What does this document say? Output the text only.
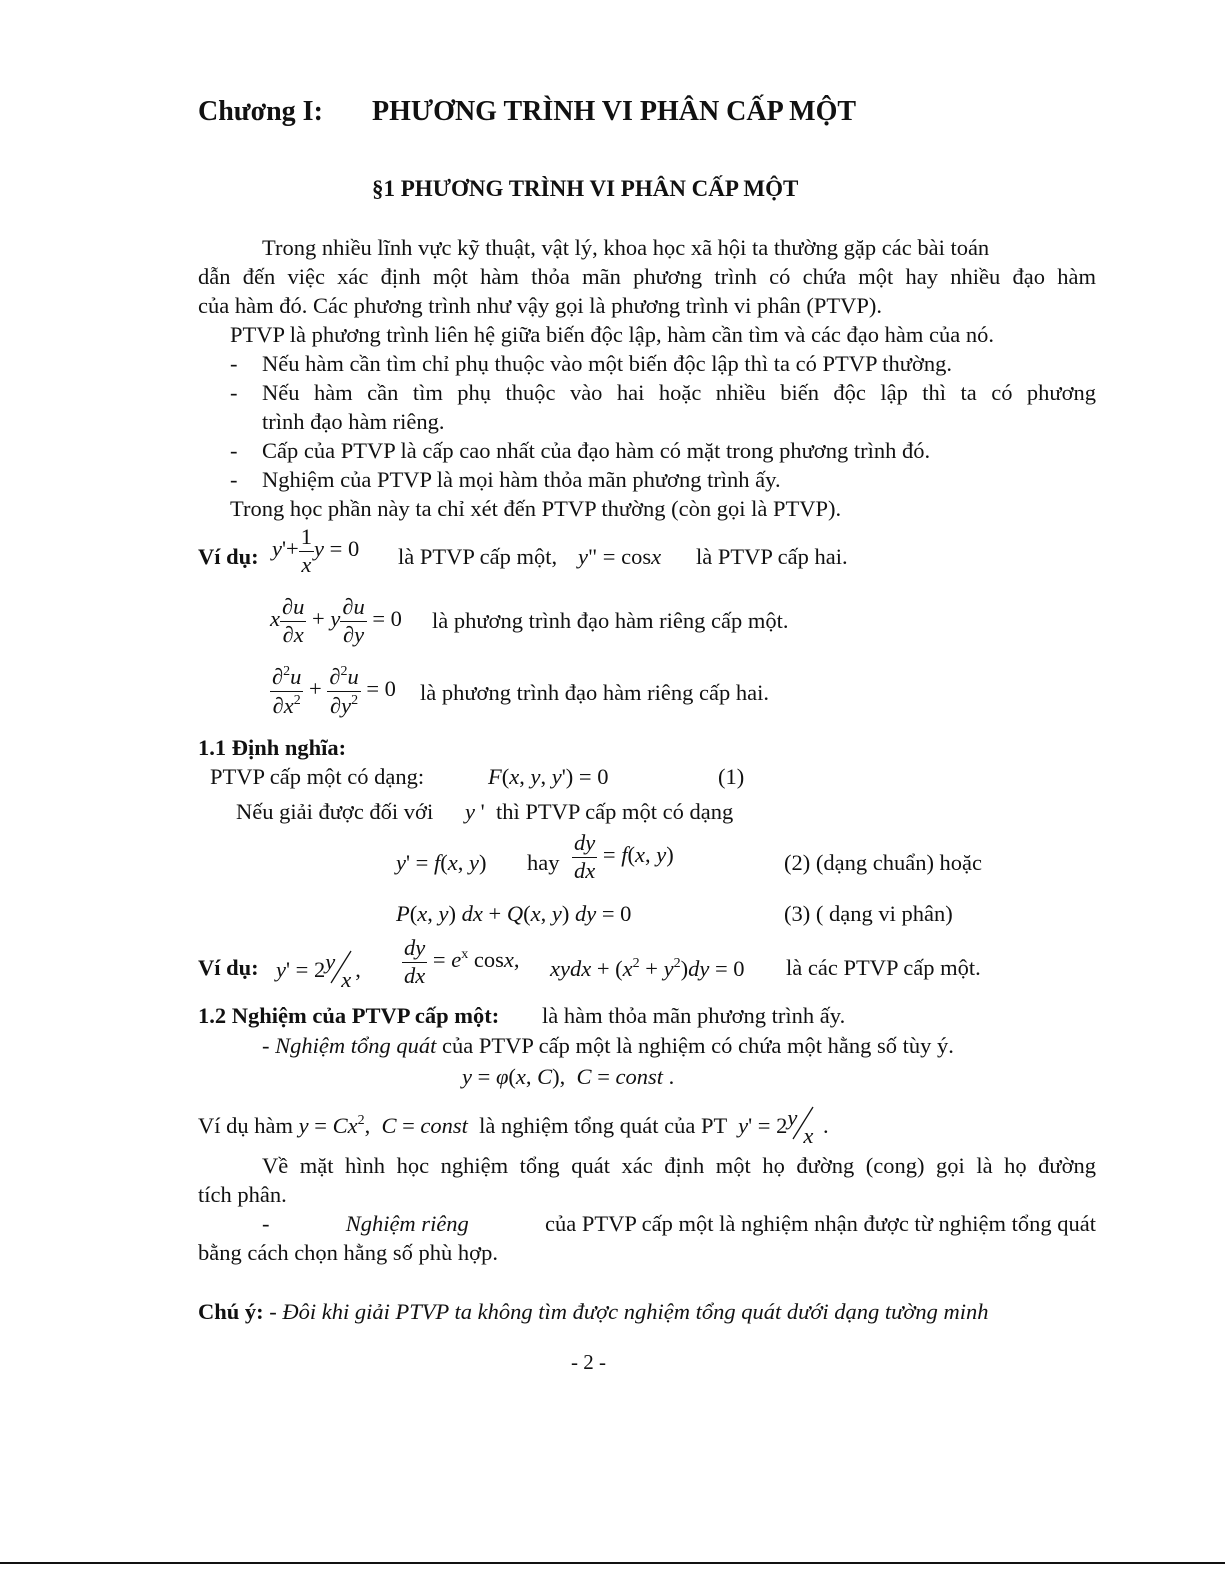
Chương I: PHƯƠNG TRÌNH VI PHÂN CẤP MỘT
§1 PHƯƠNG TRÌNH VI PHÂN CẤP MỘT
Trong nhiều lĩnh vực kỹ thuật, vật lý, khoa học xã hội ta thường gặp các bài toán
dẫn đến việc xác định một hàm thỏa mãn phương trình có chứa một hay nhiều đạo hàm
của hàm đó. Các phương trình như vậy gọi là phương trình vi phân (PTVP).
PTVP là phương trình liên hệ giữa biến độc lập, hàm cần tìm và các đạo hàm của nó.
- Nếu hàm cần tìm chỉ phụ thuộc vào một biến độc lập thì ta có PTVP thường.
- Nếu hàm cần tìm phụ thuộc vào hai hoặc nhiều biến độc lập thì ta có phương
trình đạo hàm riêng.
- Cấp của PTVP là cấp cao nhất của đạo hàm có mặt trong phương trình đó.
- Nghiệm của PTVP là mọi hàm thỏa mãn phương trình ấy.
Trong học phần này ta chỉ xét đến PTVP thường (còn gọi là PTVP).
Ví dụ: $y'+ \frac{1}{x}$ y = 0 là PTVP cấp một, y" = cosx là PTVP cấp hai.
x $\frac{\partial u}{\partial x} + y \frac{\partial u}{\partial y} = 0$ là phương trình đạo hàm riêng cấp một.
$\frac{\partial^2u}{\partial x^2} + \frac{\partial^2u}{\partial y^2} = 0$ là phương trình đạo hàm riêng cấp hai.
1.1 Định nghĩa:
PTVP cấp một có dạng:	F(x, y, y') = 0	(1)
Nếu giải được đối với y ' thì PTVP cấp một có dạng
y' = f(x, y) hay $\frac{dy}{dx} = f(x$, y)	(2) (dạng chuẩn) hoặc
P(x, y) dx + Q(x, y) dy = 0	(3) ( dạng vi phân)
Ví dụ: y' = 2 y
x , $\frac{dy}{dx} = e^x$ cosx, xydx + $(x^2 + y^2)dy = 0$ là các PTVP cấp một.
1.2 Nghiệm của PTVP cấp một: là hàm thỏa mãn phương trình ấy.
- Nghiệm tổng quát của PTVP cấp một là nghiệm có chứa một hằng số tùy ý.
y = φ(x, C),  C = const .
Ví dụ hàm $y = Cx^2$,  C = const là nghiệm tổng quát của PT y' = 2 y
x .
Về mặt hình học nghiệm tổng quát xác định một họ đường (cong) gọi là họ đường
tích phân.
-	Nghiệm riêng	của PTVP cấp một là nghiệm nhận được từ nghiệm tổng quát
bằng cách chọn hằng số phù hợp.
Chú ý: - Đôi khi giải PTVP ta không tìm được nghiệm tổng quát dưới dạng tường minh
- 2 -
